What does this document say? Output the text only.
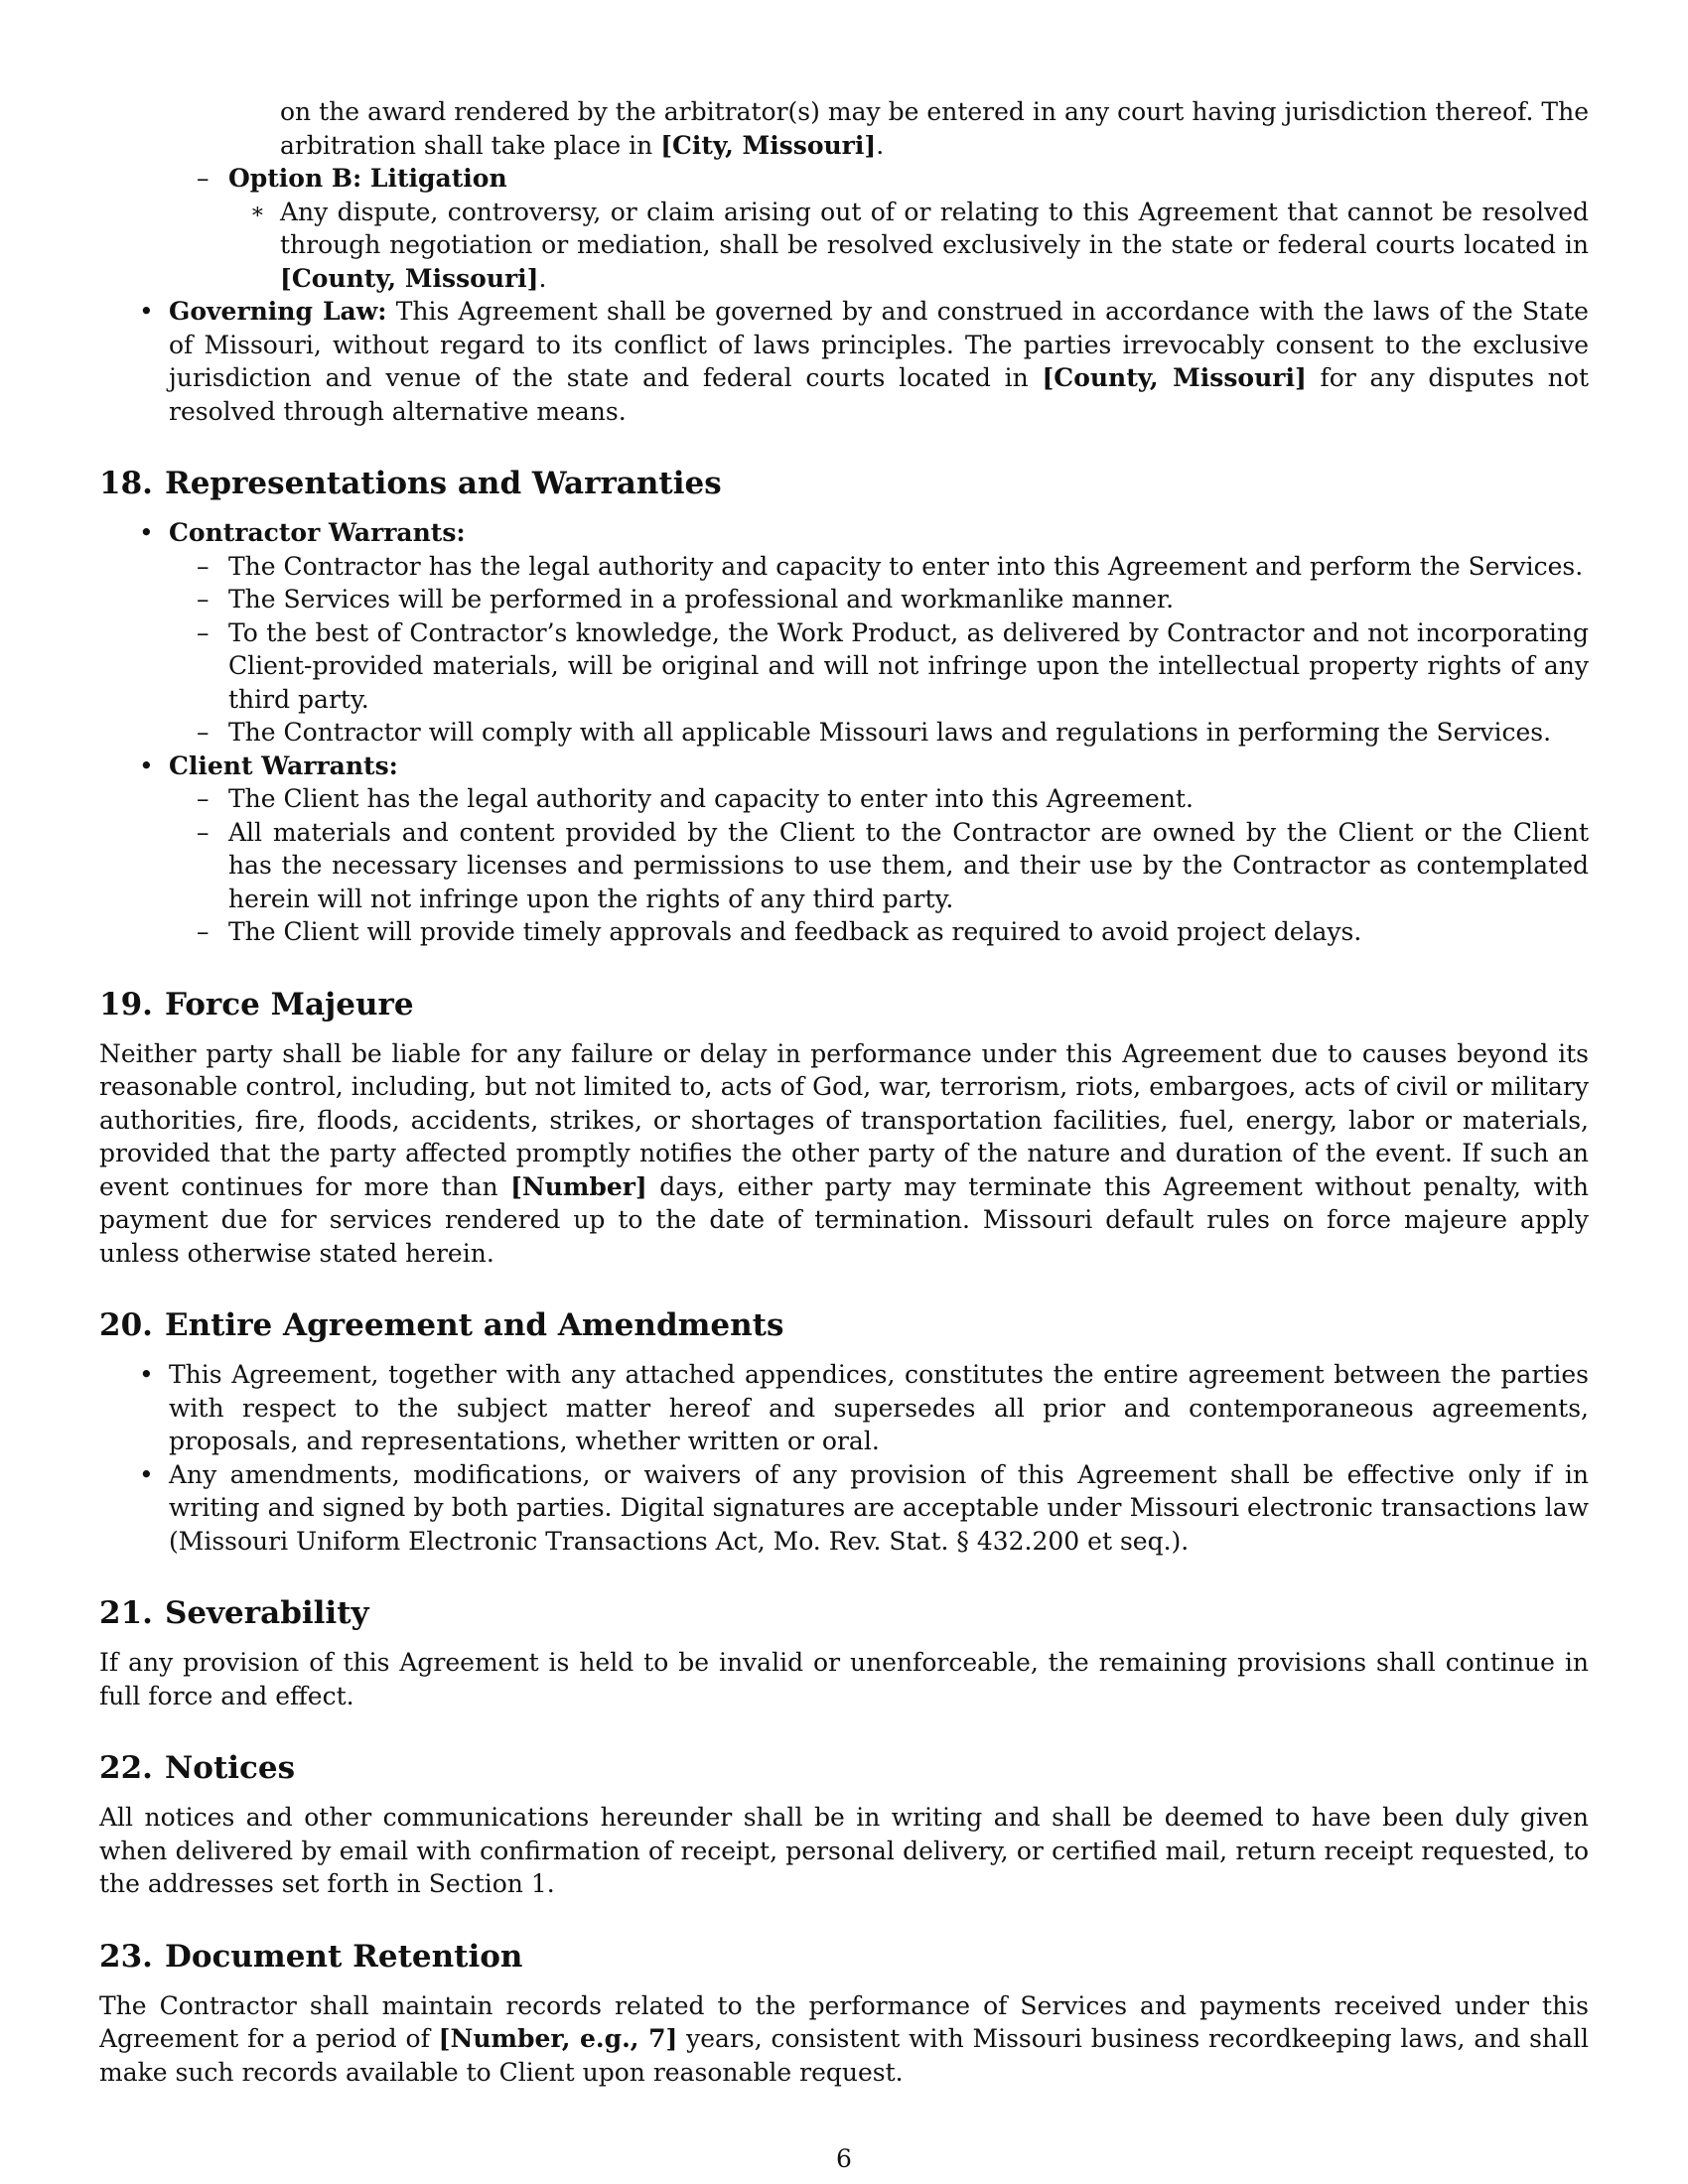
on the award rendered by the arbitrator(s) may be entered in any court having jurisdiction thereof. The arbitration shall take place in [City, Missouri].
– Option B: Litigation
∗ Any dispute, controversy, or claim arising out of or relating to this Agreement that cannot be resolved through negotiation or mediation, shall be resolved exclusively in the state or federal courts located in [County, Missouri].
• Governing Law: This Agreement shall be governed by and construed in accordance with the laws of the State of Missouri, without regard to its conflict of laws principles. The parties irrevocably consent to the exclusive jurisdiction and venue of the state and federal courts located in [County, Missouri] for any disputes not resolved through alternative means.
18. Representations and Warranties
• Contractor Warrants:
– The Contractor has the legal authority and capacity to enter into this Agreement and perform the Services.
– The Services will be performed in a professional and workmanlike manner.
– To the best of Contractor’s knowledge, the Work Product, as delivered by Contractor and not incorporating Client-provided materials, will be original and will not infringe upon the intellectual property rights of any third party.
– The Contractor will comply with all applicable Missouri laws and regulations in performing the Services.
• Client Warrants:
– The Client has the legal authority and capacity to enter into this Agreement.
– All materials and content provided by the Client to the Contractor are owned by the Client or the Client has the necessary licenses and permissions to use them, and their use by the Contractor as contemplated herein will not infringe upon the rights of any third party.
– The Client will provide timely approvals and feedback as required to avoid project delays.
19. Force Majeure

Neither party shall be liable for any failure or delay in performance under this Agreement due to causes beyond its reasonable control, including, but not limited to, acts of God, war, terrorism, riots, embargoes, acts of civil or military authorities, fire, floods, accidents, strikes, or shortages of transportation facilities, fuel, energy, labor or materials, provided that the party affected promptly notifies the other party of the nature and duration of the event. If such an event continues for more than [Number] days, either party may terminate this Agreement without penalty, with payment due for services rendered up to the date of termination. Missouri default rules on force majeure apply unless otherwise stated herein.

20. Entire Agreement and Amendments
• This Agreement, together with any attached appendices, constitutes the entire agreement between the parties with respect to the subject matter hereof and supersedes all prior and contemporaneous agreements, proposals, and representations, whether written or oral.
• Any amendments, modifications, or waivers of any provision of this Agreement shall be effective only if in writing and signed by both parties. Digital signatures are acceptable under Missouri electronic transactions law (Missouri Uniform Electronic Transactions Act, Mo. Rev. Stat. § 432.200 et seq.).
21. Severability

If any provision of this Agreement is held to be invalid or unenforceable, the remaining provisions shall continue in full force and effect.

22. Notices

All notices and other communications hereunder shall be in writing and shall be deemed to have been duly given when delivered by email with confirmation of receipt, personal delivery, or certified mail, return receipt requested, to the addresses set forth in Section 1.

23. Document Retention

The Contractor shall maintain records related to the performance of Services and payments received under this Agreement for a period of [Number, e.g., 7] years, consistent with Missouri business recordkeeping laws, and shall make such records available to Client upon reasonable request.

6
